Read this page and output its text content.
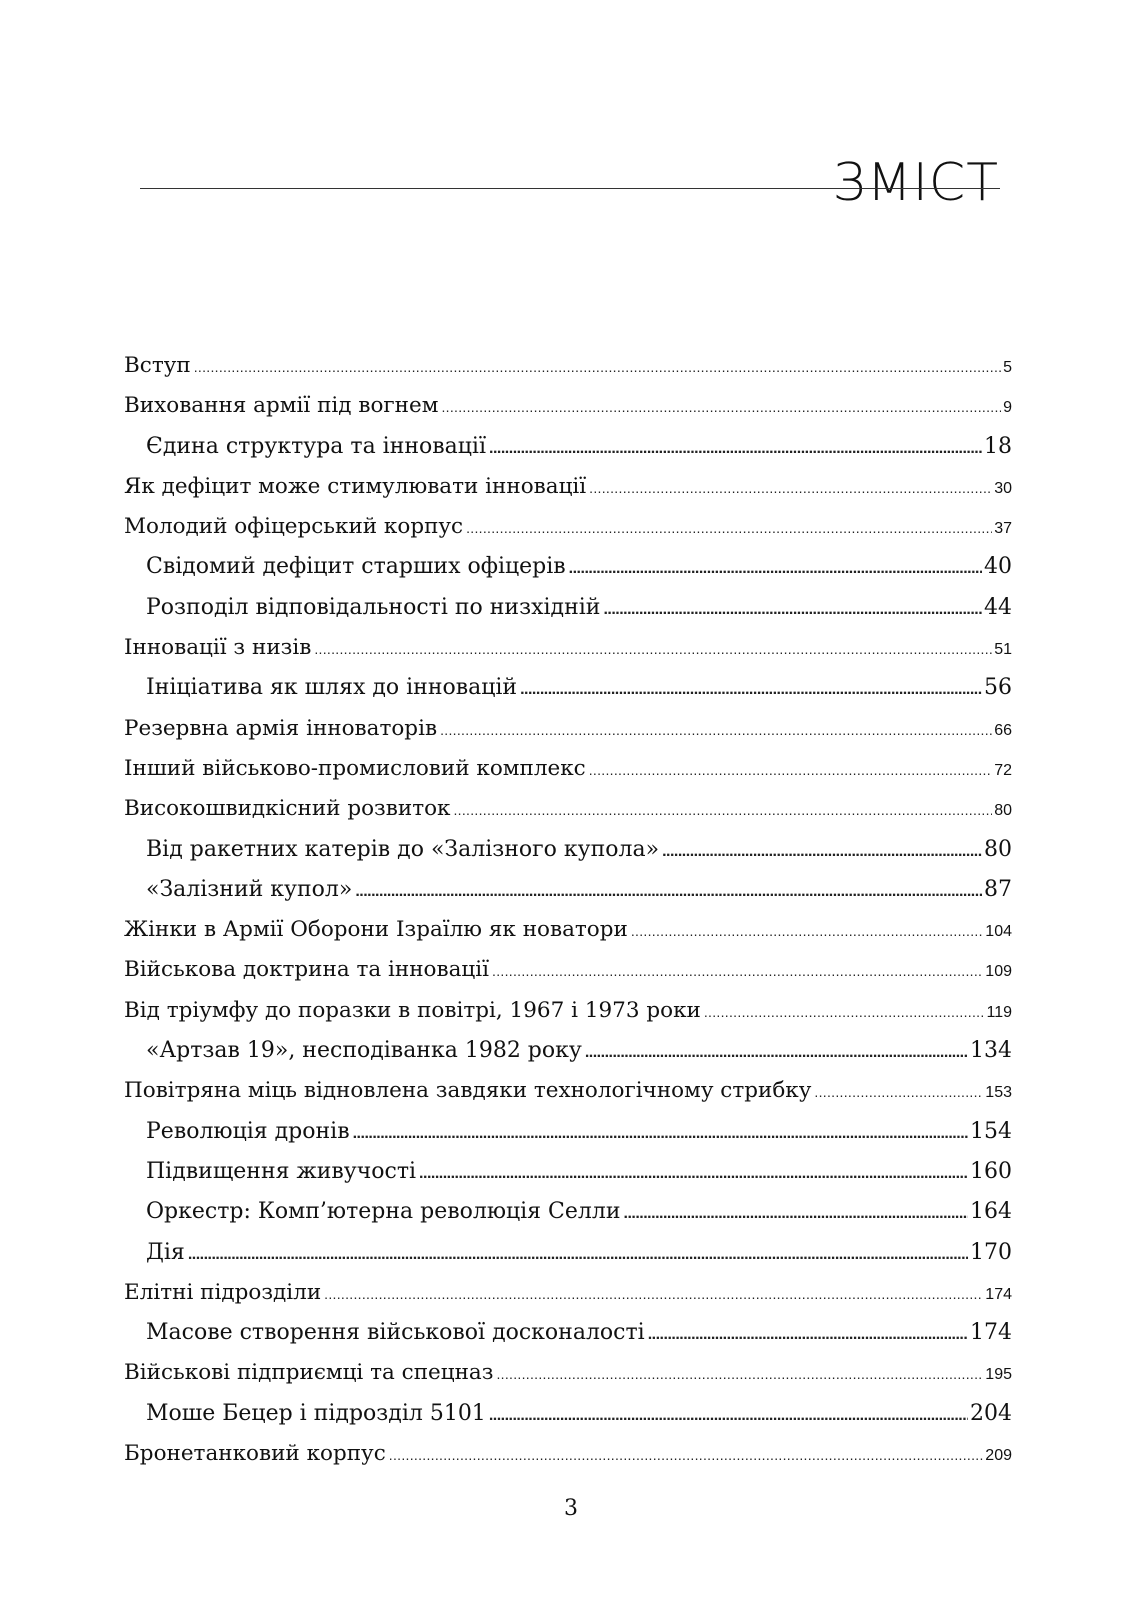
ЗМІСТ
Вступ .....	5
Виховання армії під вогнем .....	9
Єдина структура та інновації .....	18
Як дефіцит може стимулювати інновації .....	30
Молодий офіцерський корпус .....	37
Свідомий дефіцит старших офіцерів .....	40
Розподіл відповідальності по низхідній .....	44
Інновації з низів .....	51
Ініціатива як шлях до інновацій .....	56
Резервна армія інноваторів .....	66
Інший військово-промисловий комплекс .....	72
Високошвидкісний розвиток .....	80
Від ракетних катерів до «Залізного купола» .....	80
«Залізний купол» .....	87
Жінки в Армії Оборони Ізраїлю як новатори .....	104
Військова доктрина та інновації .....	109
Від тріумфу до поразки в повітрі, 1967 і 1973 роки .....	119
«Артзав 19», несподіванка 1982 року .....	134
Повітряна міць відновлена завдяки технологічному стрибку .....	153
Революція дронів .....	154
Підвищення живучості .....	160
Оркестр: Комп’ютерна революція Селли .....	164
Дія .....	170
Елітні підрозділи .....	174
Масове створення військової досконалості .....	174
Військові підприємці та спецназ .....	195
Моше Бецер і підрозділ 5101 .....	204
Бронетанковий корпус .....	209
3
